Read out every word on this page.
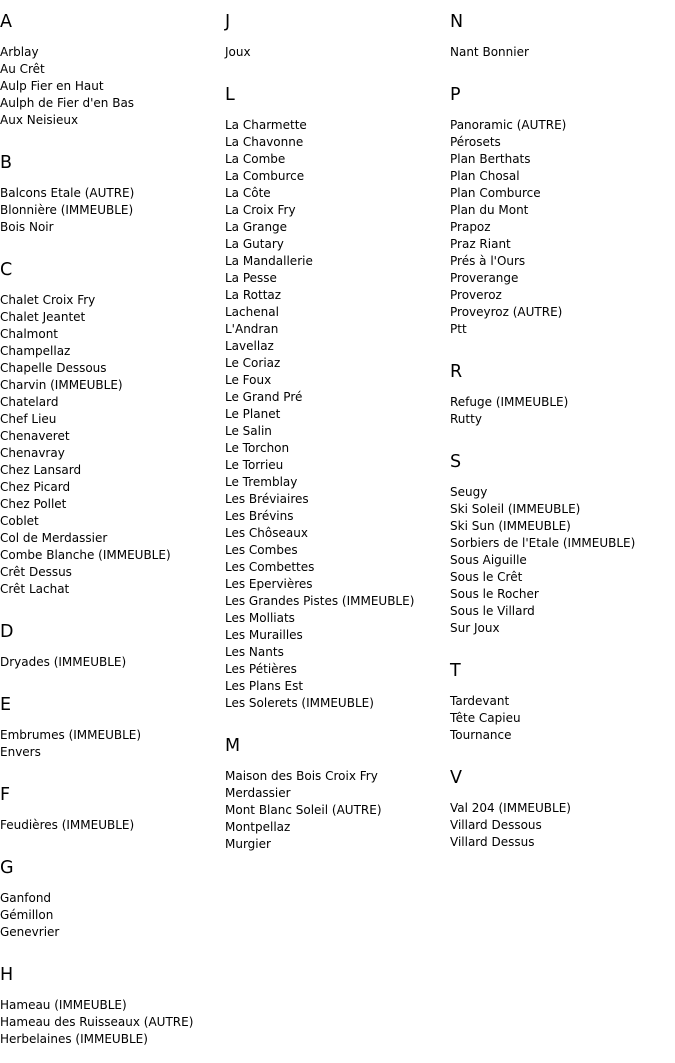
A
Arblay
Au Crêt
Aulp Fier en Haut
Aulph de Fier d'en Bas
Aux Neisieux
B
Balcons Etale (AUTRE)
Blonnière (IMMEUBLE)
Bois Noir
C
Chalet Croix Fry
Chalet Jeantet
Chalmont
Champellaz
Chapelle Dessous
Charvin (IMMEUBLE)
Chatelard
Chef Lieu
Chenaveret
Chenavray
Chez Lansard
Chez Picard
Chez Pollet
Coblet
Col de Merdassier
Combe Blanche (IMMEUBLE)
Crêt Dessus
Crêt Lachat
D
Dryades (IMMEUBLE)
E
Embrumes (IMMEUBLE)
Envers
F
Feudières (IMMEUBLE)
G
Ganfond
Gémillon
Genevrier
H
Hameau (IMMEUBLE)
Hameau des Ruisseaux (AUTRE)
Herbelaines (IMMEUBLE)
J
Joux
L
La Charmette
La Chavonne
La Combe
La Comburce
La Côte
La Croix Fry
La Grange
La Gutary
La Mandallerie
La Pesse
La Rottaz
Lachenal
L'Andran
Lavellaz
Le Coriaz
Le Foux
Le Grand Pré
Le Planet
Le Salin
Le Torchon
Le Torrieu
Le Tremblay
Les Bréviaires
Les Brévins
Les Chôseaux
Les Combes
Les Combettes
Les Epervières
Les Grandes Pistes (IMMEUBLE)
Les Molliats
Les Murailles
Les Nants
Les Pétières
Les Plans Est
Les Solerets (IMMEUBLE)
M
Maison des Bois Croix Fry
Merdassier
Mont Blanc Soleil (AUTRE)
Montpellaz
Murgier
N
Nant Bonnier
P
Panoramic (AUTRE)
Pérosets
Plan Berthats
Plan Chosal
Plan Comburce
Plan du Mont
Prapoz
Praz Riant
Prés à l'Ours
Proverange
Proveroz
Proveyroz (AUTRE)
Ptt
R
Refuge (IMMEUBLE)
Rutty
S
Seugy
Ski Soleil (IMMEUBLE)
Ski Sun (IMMEUBLE)
Sorbiers de l'Etale (IMMEUBLE)
Sous Aiguille
Sous le Crêt
Sous le Rocher
Sous le Villard
Sur Joux
T
Tardevant
Tête Capieu
Tournance
V
Val 204 (IMMEUBLE)
Villard Dessous
Villard Dessus
